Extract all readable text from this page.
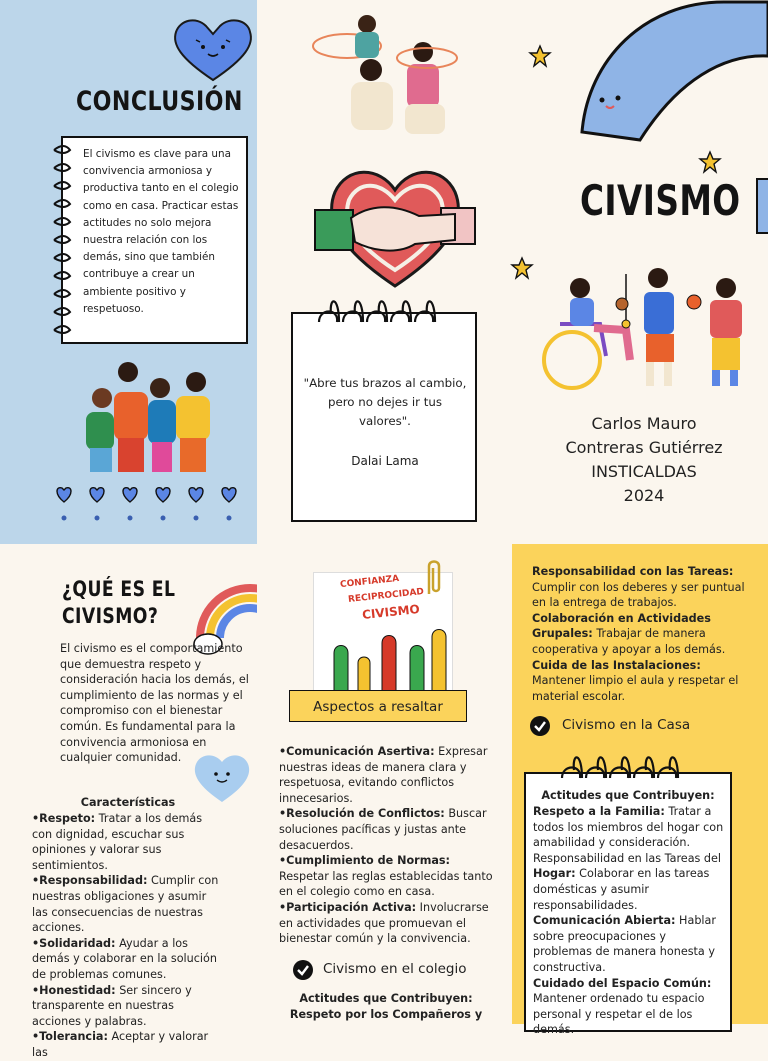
CONCLUSIÓN
El civismo es clave para una convivencia armoniosa y productiva tanto en el colegio como en casa. Practicar estas actitudes no solo mejora nuestra relación con los demás, sino que también contribuye a crear un ambiente positivo y respetuoso.
"Abre tus brazos al cambio, pero no dejes ir tus valores".
Dalai Lama
CIVISMO
Carlos Mauro
Contreras Gutiérrez
INSTICALDAS
2024
¿QUÉ ES EL
CIVISMO?
El civismo es el comportamiento que demuestra respeto y consideración hacia los demás, el cumplimiento de las normas y el compromiso con el bienestar común. Es fundamental para la convivencia armoniosa en cualquier comunidad.
Características
•Respeto: Tratar a los demás con dignidad, escuchar sus opiniones y valorar sus sentimientos.
•Responsabilidad: Cumplir con nuestras obligaciones y asumir las consecuencias de nuestras acciones.
•Solidaridad: Ayudar a los demás y colaborar en la solución de problemas comunes.
•Honestidad: Ser sincero y transparente en nuestras acciones y palabras.
•Tolerancia: Aceptar y valorar las
CONFIANZA
RECIPROCIDAD
CIVISMO
Aspectos a resaltar
•Comunicación Asertiva: Expresar nuestras ideas de manera clara y respetuosa, evitando conflictos innecesarios.
•Resolución de Conflictos: Buscar soluciones pacíficas y justas ante desacuerdos.
•Cumplimiento de Normas: Respetar las reglas establecidas tanto en el colegio como en casa.
•Participación Activa: Involucrarse en actividades que promuevan el bienestar común y la convivencia.
Civismo en el colegio
Actitudes que Contribuyen:
Respeto por los Compañeros y
Responsabilidad con las Tareas: Cumplir con los deberes y ser puntual en la entrega de trabajos.
Colaboración en Actividades Grupales: Trabajar de manera cooperativa y apoyar a los demás.
Cuida de las Instalaciones: Mantener limpio el aula y respetar el material escolar.
Civismo en la Casa
Actitudes que Contribuyen:
Respeto a la Familia: Tratar a todos los miembros del hogar con amabilidad y consideración.
Responsabilidad en las Tareas del Hogar: Colaborar en las tareas domésticas y asumir responsabilidades.
Comunicación Abierta: Hablar sobre preocupaciones y problemas de manera honesta y constructiva.
Cuidado del Espacio Común: Mantener ordenado tu espacio personal y respetar el de los demás.
